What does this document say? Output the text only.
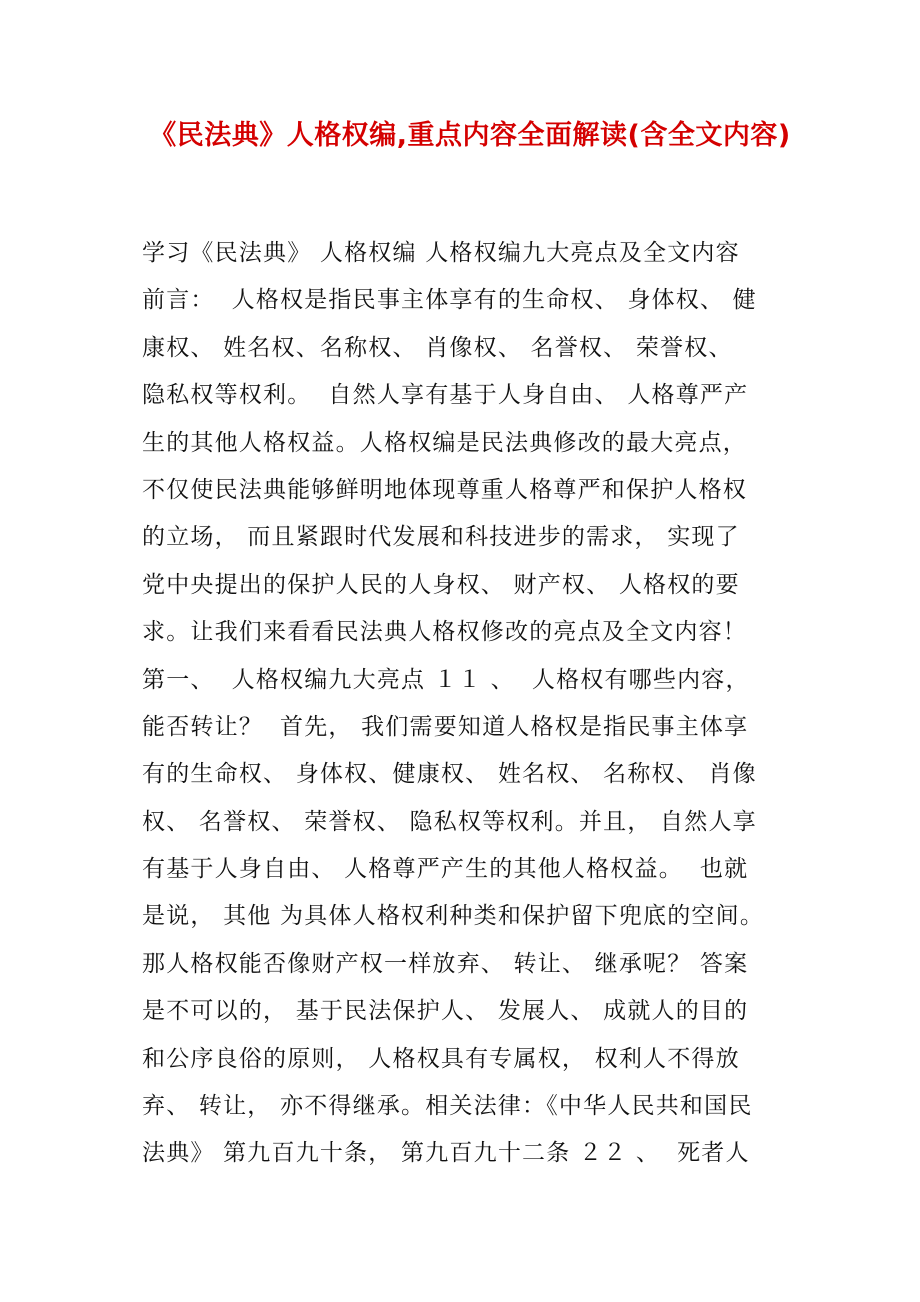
《民法典》人格权编,重点内容全面解读(含全文内容)
学习《民法典》 人格权编 人格权编九大亮点及全文内容
前言：  人格权是指民事主体享有的生命权、 身体权、 健
康权、 姓名权、名称权、 肖像权、 名誉权、 荣誉权、
隐私权等权利。  自然人享有基于人身自由、 人格尊严产
生的其他人格权益。人格权编是民法典修改的最大亮点，
不仅使民法典能够鲜明地体现尊重人格尊严和保护人格权
的立场， 而且紧跟时代发展和科技进步的需求， 实现了
党中央提出的保护人民的人身权、 财产权、 人格权的要
求。让我们来看看民法典人格权修改的亮点及全文内容！
第一、  人格权编九大亮点 １１ 、  人格权有哪些内容，
能否转让？  首先， 我们需要知道人格权是指民事主体享
有的生命权、 身体权、健康权、 姓名权、 名称权、 肖像
权、 名誉权、 荣誉权、 隐私权等权利。并且， 自然人享
有基于人身自由、 人格尊严产生的其他人格权益。  也就
是说， 其他 为具体人格权利种类和保护留下兜底的空间。
那人格权能否像财产权一样放弃、 转让、 继承呢？ 答案
是不可以的， 基于民法保护人、 发展人、 成就人的目的
和公序良俗的原则， 人格权具有专属权， 权利人不得放
弃、 转让， 亦不得继承。相关法律：《中华人民共和国民
法典》 第九百九十条， 第九百九十二条 ２２ 、  死者人
